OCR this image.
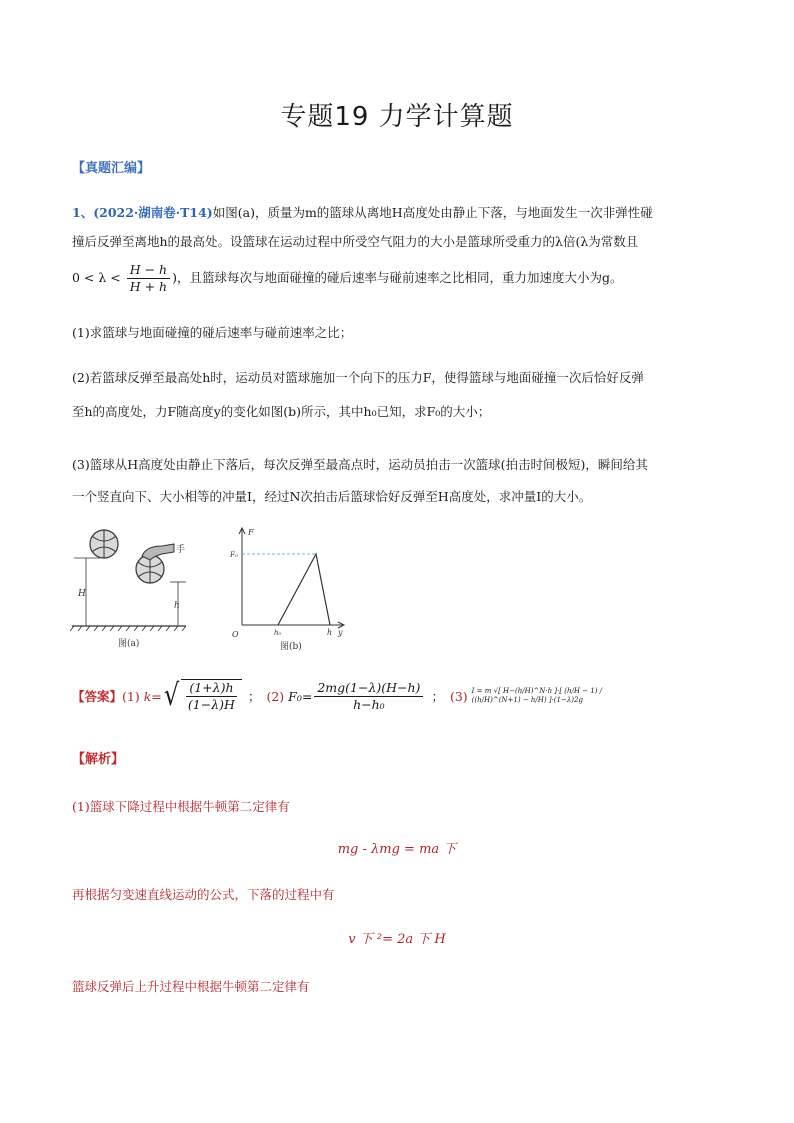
专题19 力学计算题
【真题汇编】
1、(2022·湖南卷·T14)如图(a)，质量为m的篮球从离地H高度处由静止下落，与地面发生一次非弹性碰
撞后反弹至离地h的最高处。设篮球在运动过程中所受空气阻力的大小是篮球所受重力的λ倍(λ为常数且
$0 < \lambda < \frac{H - h}{H + h}$ )，且篮球每次与地面碰撞的碰后速率与碰前速率之比相同，重力加速度大小为g。
(1)求篮球与地面碰撞的碰后速率与碰前速率之比；
(2)若篮球反弹至最高处h时，运动员对篮球施加一个向下的压力F，使得篮球与地面碰撞一次后恰好反弹
至h的高度处，力F随高度y的变化如图(b)所示，其中h₀已知，求F₀的大小；
(3)篮球从H高度处由静止下落后，每次反弹至最高点时，运动员拍击一次篮球(拍击时间极短)，瞬间给其
一个竖直向下、大小相等的冲量I，经过N次拍击后篮球恰好反弹至H高度处，求冲量I的大小。
手
H
h
图(a)
F
F₀
O	h₀	h y
图(b)
【答案】 (1) k= √ $\frac{(1+\lambda)h}{(1-\lambda)H}$ ； (2) $F_0= \frac{2mg(1-\lambda)(H-h)}{\text{h−h₀}}$ ； (3) I = m √[ H−(h/H)^N·h ]·[ (h/H − 1) / ((h/H)^(N+1) − h/H) ]·(1−λ)2g
【解析】
(1)篮球下降过程中根据牛顿第二定律有
mg - λmg = ma 下
再根据匀变速直线运动的公式，下落的过程中有
v 下 ²= 2a 下 H
篮球反弹后上升过程中根据牛顿第二定律有
